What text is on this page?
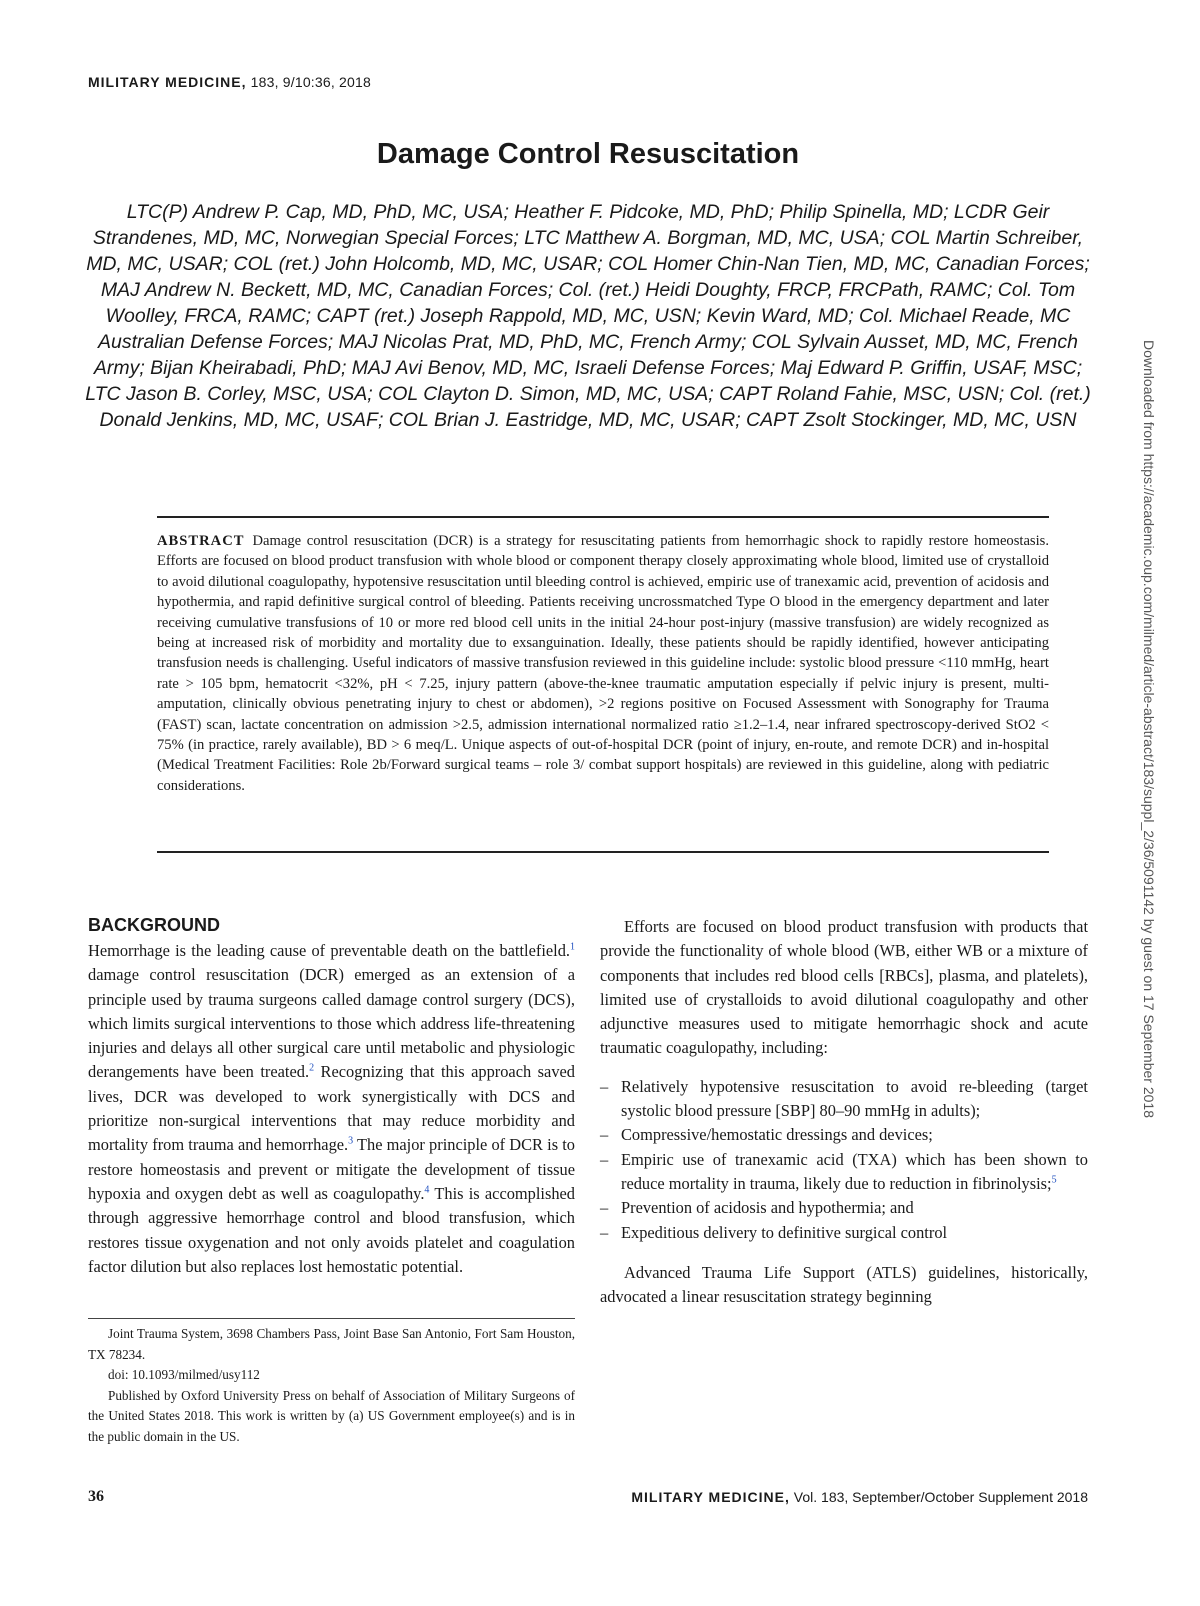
MILITARY MEDICINE, 183, 9/10:36, 2018
Damage Control Resuscitation
LTC(P) Andrew P. Cap, MD, PhD, MC, USA; Heather F. Pidcoke, MD, PhD; Philip Spinella, MD; LCDR Geir Strandenes, MD, MC, Norwegian Special Forces; LTC Matthew A. Borgman, MD, MC, USA; COL Martin Schreiber, MD, MC, USAR; COL (ret.) John Holcomb, MD, MC, USAR; COL Homer Chin-Nan Tien, MD, MC, Canadian Forces; MAJ Andrew N. Beckett, MD, MC, Canadian Forces; Col. (ret.) Heidi Doughty, FRCP, FRCPath, RAMC; Col. Tom Woolley, FRCA, RAMC; CAPT (ret.) Joseph Rappold, MD, MC, USN; Kevin Ward, MD; Col. Michael Reade, MC Australian Defense Forces; MAJ Nicolas Prat, MD, PhD, MC, French Army; COL Sylvain Ausset, MD, MC, French Army; Bijan Kheirabadi, PhD; MAJ Avi Benov, MD, MC, Israeli Defense Forces; Maj Edward P. Griffin, USAF, MSC; LTC Jason B. Corley, MSC, USA; COL Clayton D. Simon, MD, MC, USA; CAPT Roland Fahie, MSC, USN; Col. (ret.) Donald Jenkins, MD, MC, USAF; COL Brian J. Eastridge, MD, MC, USAR; CAPT Zsolt Stockinger, MD, MC, USN

ABSTRACT Damage control resuscitation (DCR) is a strategy for resuscitating patients from hemorrhagic shock to rapidly restore homeostasis. Efforts are focused on blood product transfusion with whole blood or component therapy closely approximating whole blood, limited use of crystalloid to avoid dilutional coagulopathy, hypotensive resuscitation until bleeding control is achieved, empiric use of tranexamic acid, prevention of acidosis and hypothermia, and rapid definitive surgical control of bleeding. Patients receiving uncrossmatched Type O blood in the emergency department and later receiving cumulative transfusions of 10 or more red blood cell units in the initial 24-hour post-injury (massive transfusion) are widely recognized as being at increased risk of morbidity and mortality due to exsanguination. Ideally, these patients should be rapidly identified, however anticipating transfusion needs is challenging. Useful indicators of massive transfusion reviewed in this guideline include: systolic blood pressure <110 mmHg, heart rate > 105 bpm, hematocrit <32%, pH < 7.25, injury pattern (above-the-knee traumatic amputation especially if pelvic injury is present, multi-amputation, clinically obvious penetrating injury to chest or abdomen), >2 regions positive on Focused Assessment with Sonography for Trauma (FAST) scan, lactate concentration on admission >2.5, admission international normalized ratio ≥1.2–1.4, near infrared spectroscopy-derived StO2 < 75% (in practice, rarely available), BD > 6 meq/L. Unique aspects of out-of-hospital DCR (point of injury, en-route, and remote DCR) and in-hospital (Medical Treatment Facilities: Role 2b/Forward surgical teams – role 3/ combat support hospitals) are reviewed in this guideline, along with pediatric considerations.

BACKGROUND

Hemorrhage is the leading cause of preventable death on the battlefield.$^1$ damage control resuscitation (DCR) emerged as an extension of a principle used by trauma surgeons called damage control surgery (DCS), which limits surgical interventions to those which address life-threatening injuries and delays all other surgical care until metabolic and physiologic derangements have been treated.$^2$ Recognizing that this approach saved lives, DCR was developed to work synergistically with DCS and prioritize non-surgical interventions that may reduce morbidity and mortality from trauma and hemorrhage.$^3$ The major principle of DCR is to restore homeostasis and prevent or mitigate the development of tissue hypoxia and oxygen debt as well as coagulopathy.$^4$ This is accomplished through aggressive hemorrhage control and blood transfusion, which restores tissue oxygenation and not only avoids platelet and coagulation factor dilution but also replaces lost hemostatic potential.

Efforts are focused on blood product transfusion with products that provide the functionality of whole blood (WB, either WB or a mixture of components that includes red blood cells [RBCs], plasma, and platelets), limited use of crystalloids to avoid dilutional coagulopathy and other adjunctive measures used to mitigate hemorrhagic shock and acute traumatic coagulopathy, including:

– Relatively hypotensive resuscitation to avoid re-bleeding (target systolic blood pressure [SBP] 80–90 mmHg in adults);
– Compressive/hemostatic dressings and devices;
– Empiric use of tranexamic acid (TXA) which has been shown to reduce mortality in trauma, likely due to reduction in fibrinolysis;$^5$
– Prevention of acidosis and hypothermia; and
– Expeditious delivery to definitive surgical control

Advanced Trauma Life Support (ATLS) guidelines, historically, advocated a linear resuscitation strategy beginning

Joint Trauma System, 3698 Chambers Pass, Joint Base San Antonio, Fort Sam Houston, TX 78234.

doi: 10.1093/milmed/usy112

Published by Oxford University Press on behalf of Association of Military Surgeons of the United States 2018. This work is written by (a) US Government employee(s) and is in the public domain in the US.

36	MILITARY MEDICINE, Vol. 183, September/October Supplement 2018
Downloaded from https://academic.oup.com/milmed/article-abstract/183/suppl_2/36/5091142 by guest on 17 September 2018
